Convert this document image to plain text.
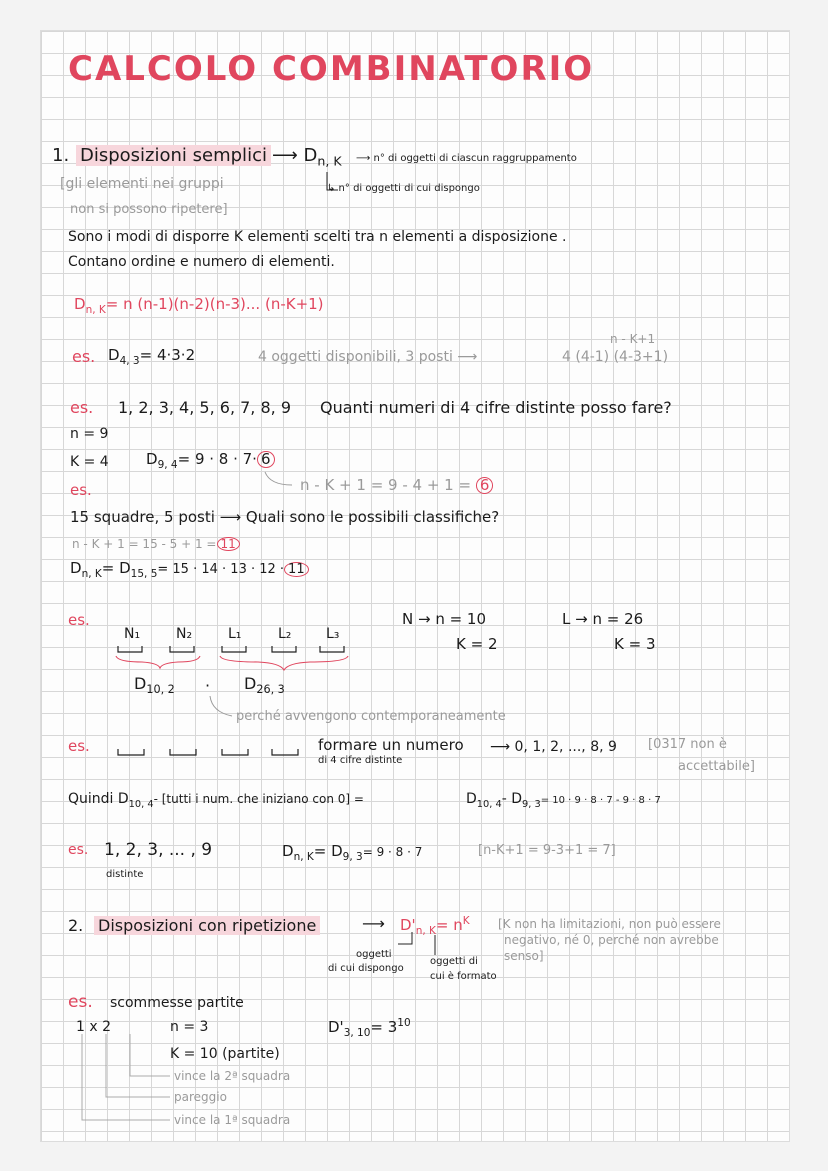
CALCOLO COMBINATORIO
1. Disposizioni semplici ⟶ $D_{n, K}$ ⟶ n° di oggetti di ciascun raggruppamento
↳ n° di oggetti di cui dispongo
[gli elementi nei gruppi
non si possono ripetere]
Sono i modi di disporre K elementi scelti tra n elementi a disposizione .
Contano ordine e numero di elementi.
$D_{n, K}= n$ (n-1)(n-2)(n-3)... (n-K+1)
es. $D_{4, 3}= 4\cdot 3\cdot 2$	4 oggetti disponibili, 3 posti ⟶	4 (4-1) (4-3+1)
n - K+1
es. 1, 2, 3, 4, 5, 6, 7, 8, 9 Quanti numeri di 4 cifre distinte posso fare?
n = 9
K = 4 $D_{9, 4}= 9 \cdot 8 \cdot 7\cdot 6$
n - K + 1 = 9 - 4 + 1 = 6
es.
15 squadre, 5 posti ⟶ Quali sono le possibili classifiche?
n - K + 1 = 15 - 5 + 1 = 11
$D_{n, K}= D_{15, 5}= 15 \cdot 14 \cdot 13 \cdot 12 \cdot 11$
es.
N₁	N₂	L₁	L₂ L₃
N → n = 10
K = 2
L → n = 26
K = 3
$D_{10, 2} \cdot D_{26, 3}$
perché avvengono contemporaneamente
es.	formare un numero
di 4 cifre distinte
⟶ 0, 1, 2, ..., 8, 9 [0317 non è
accettabile]
Quindi $D_{10, 4}-$ [tutti i num. che iniziano con 0] =	$D_{10, 4}-$ $D_{9, 3}= 10 \cdot 9 \cdot 8 \cdot 7 - 9 \cdot 8 \cdot 7$
es. 1, 2, 3, ... , 9
distinte
$D_{n, K}= D_{9, 3}= 9 \cdot 8 \cdot 7$	[n-K+1 = 9-3+1 = 7]
2. Disposizioni con ripetizione	⟶ $D'_{n, K}= n^K$
oggetti
di cui dispongo
oggetti di
cui è formato
[K non ha limitazioni, non può essere
negativo, né 0, perché non avrebbe
senso]
es. scommesse partite
1 x 2	n = 3
K = 10 (partite)
$D'_{3, 10}= 3^{10}$
vince la 2ª squadra
pareggio
vince la 1ª squadra
